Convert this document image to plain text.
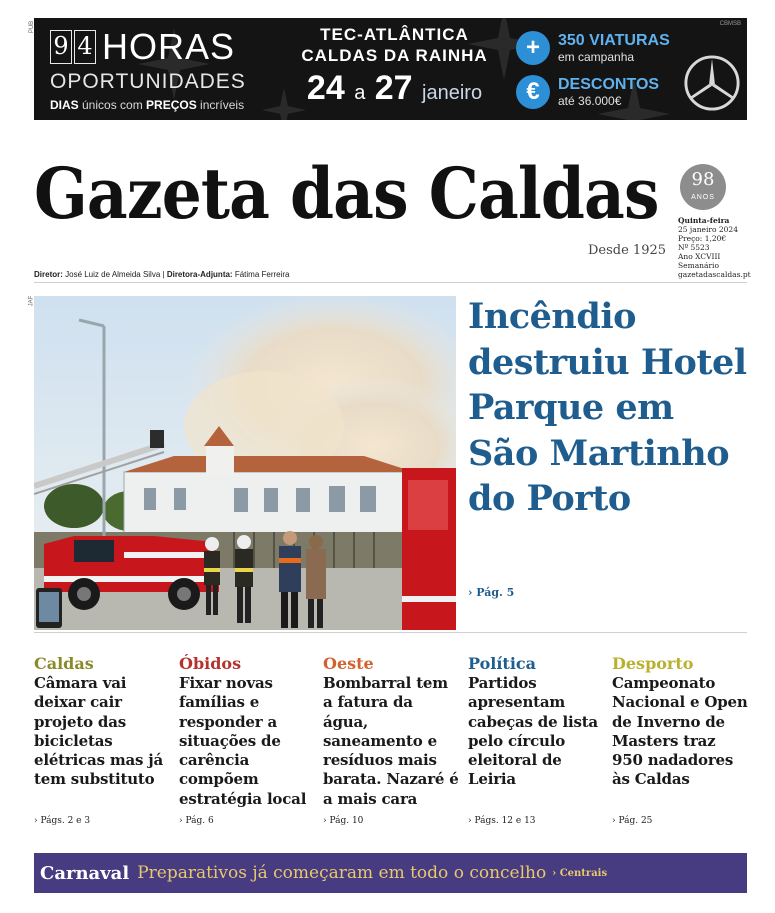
CBMSB
9 4 HORAS
OPORTUNIDADES
DIAS únicos com PREÇOS incríveis
TEC-ATLÂNTICA
CALDAS DA RAINHA
24 a 27 janeiro
+	350 VIATURAS
em campanha
€	DESCONTOS
até 36.000€
PUB
JAF
Gazeta das Caldas
Desde 1925
98
ANOS
Quinta-feira
25 janeiro 2024
Preço: 1,20€
Nº 5523
Ano XCVIII
Semanário
gazetadascaldas.pt
Diretor: José Luiz de Almeida Silva | Diretora-Adjunta: Fátima Ferreira
Incêndio destruiu Hotel Parque em São Martinho do Porto
› Pág. 5
Caldas
Câmara vai deixar cair projeto das bicicletas elétricas mas já tem substituto
› Págs. 2 e 3
Óbidos
Fixar novas famílias e responder a situações de carência compõem estratégia local
› Pág. 6
Oeste
Bombarral tem a fatura da água, saneamento e resíduos mais barata. Nazaré é a mais cara
› Pág. 10
Política
Partidos apresentam cabeças de lista pelo círculo eleitoral de Leiria
› Págs. 12 e 13
Desporto
Campeonato Nacional e Open de Inverno de Masters traz 950 nadadores às Caldas
› Pág. 25
Carnaval Preparativos já começaram em todo o concelho › Centrais
